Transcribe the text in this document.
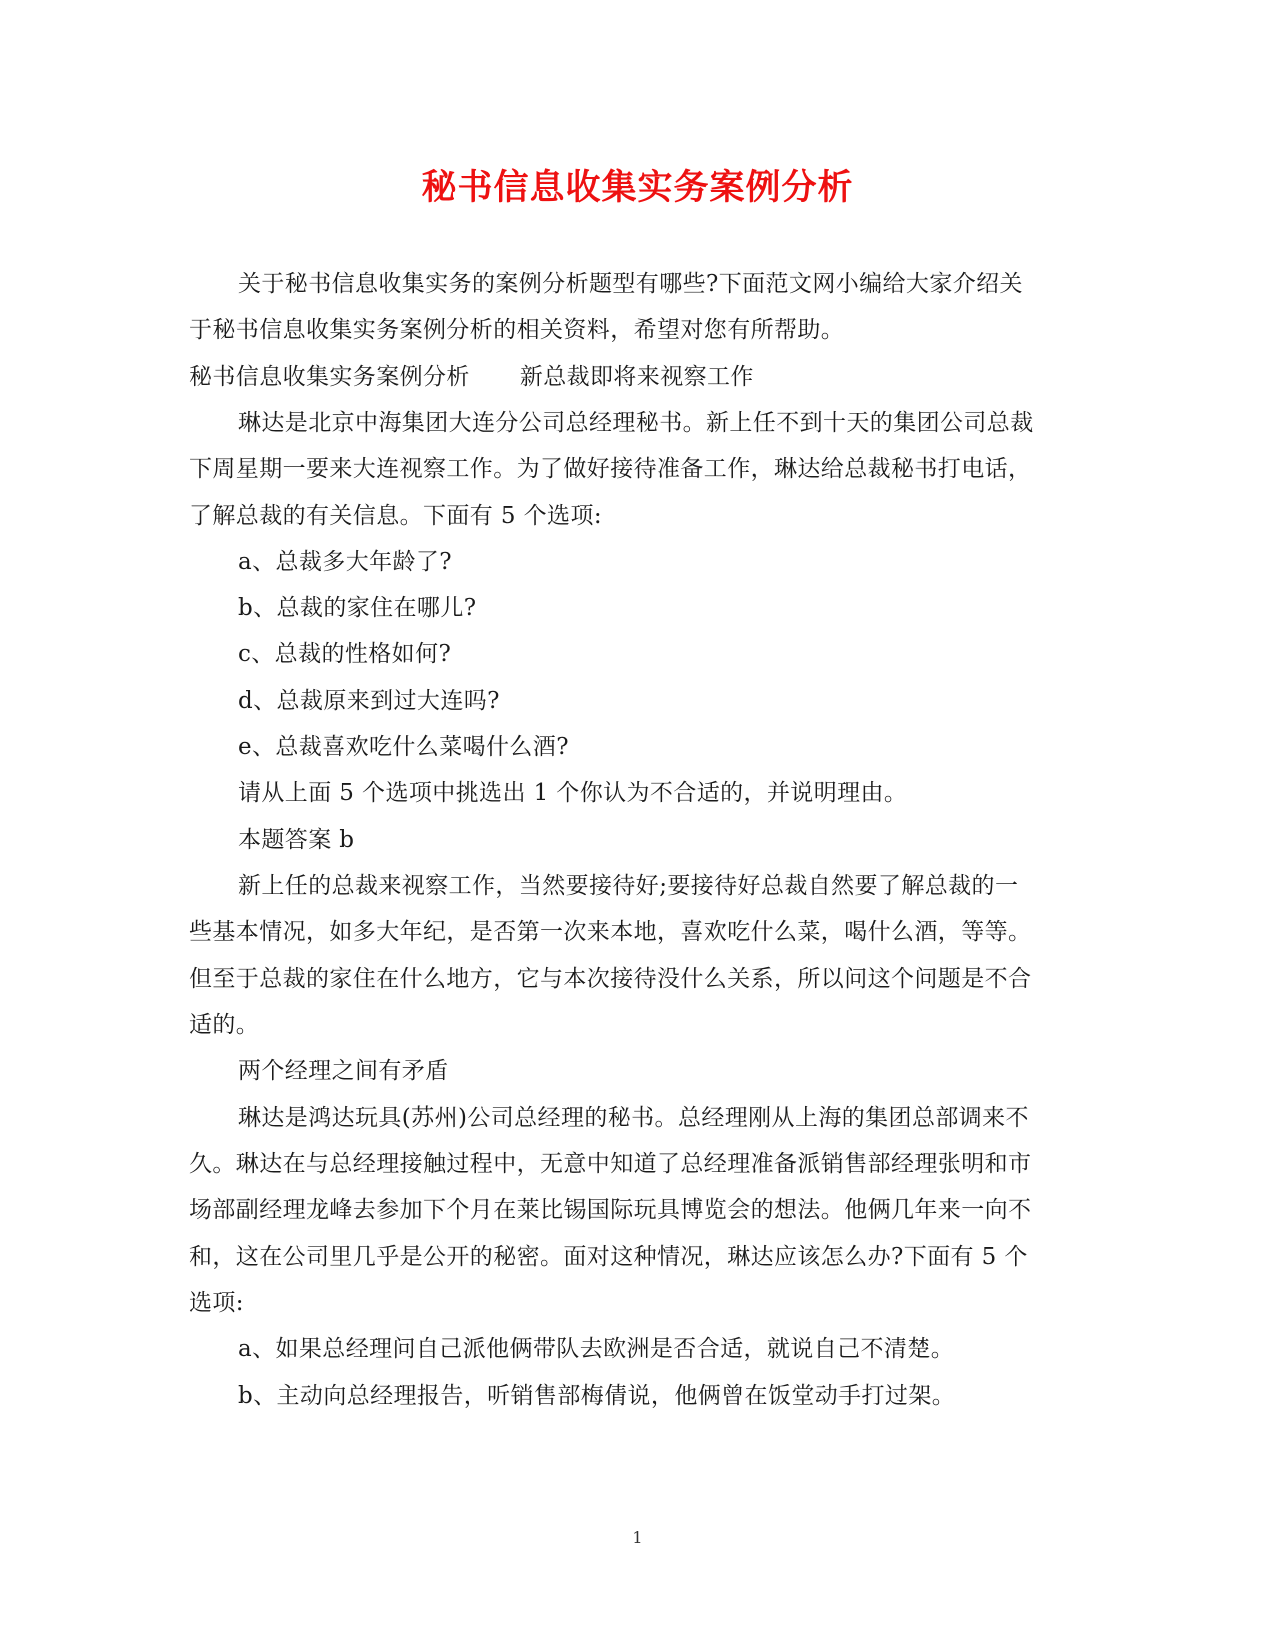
秘书信息收集实务案例分析
关于秘书信息收集实务的案例分析题型有哪些?下面范文网小编给大家介绍关
于秘书信息收集实务案例分析的相关资料，希望对您有所帮助。
秘书信息收集实务案例分析 新总裁即将来视察工作
琳达是北京中海集团大连分公司总经理秘书。新上任不到十天的集团公司总裁
下周星期一要来大连视察工作。为了做好接待准备工作，琳达给总裁秘书打电话，
了解总裁的有关信息。下面有 5 个选项:
a、总裁多大年龄了?
b、总裁的家住在哪儿?
c、总裁的性格如何?
d、总裁原来到过大连吗?
e、总裁喜欢吃什么菜喝什么酒?
请从上面 5 个选项中挑选出 1 个你认为不合适的，并说明理由。
本题答案 b
新上任的总裁来视察工作，当然要接待好;要接待好总裁自然要了解总裁的一
些基本情况，如多大年纪，是否第一次来本地，喜欢吃什么菜，喝什么酒，等等。
但至于总裁的家住在什么地方，它与本次接待没什么关系，所以问这个问题是不合
适的。
两个经理之间有矛盾
琳达是鸿达玩具(苏州)公司总经理的秘书。总经理刚从上海的集团总部调来不
久。琳达在与总经理接触过程中，无意中知道了总经理准备派销售部经理张明和市
场部副经理龙峰去参加下个月在莱比锡国际玩具博览会的想法。他俩几年来一向不
和，这在公司里几乎是公开的秘密。面对这种情况，琳达应该怎么办?下面有 5 个
选项:
a、如果总经理问自己派他俩带队去欧洲是否合适，就说自己不清楚。
b、主动向总经理报告，听销售部梅倩说，他俩曾在饭堂动手打过架。
1
